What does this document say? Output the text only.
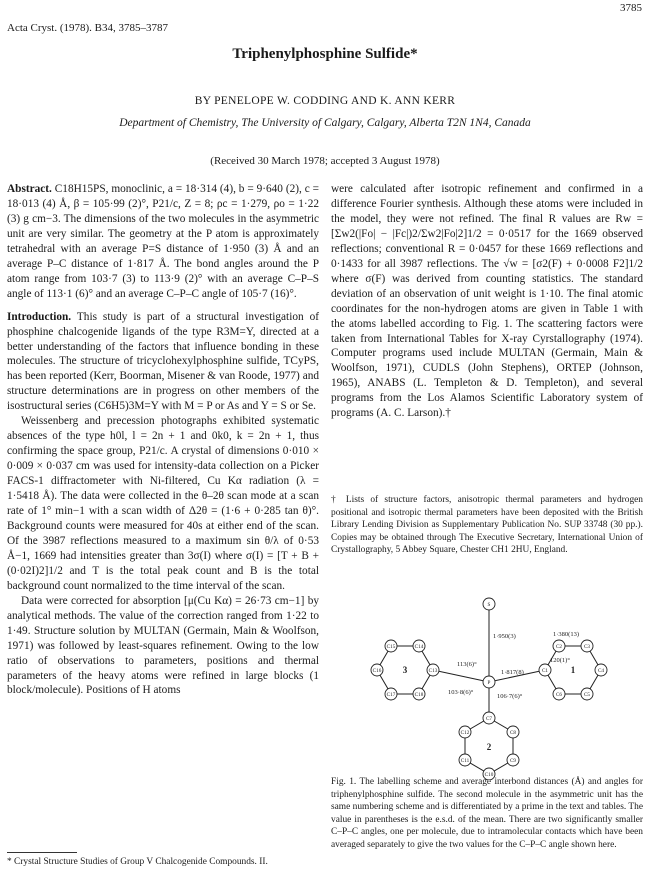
3785
Acta Cryst. (1978). B34, 3785–3787
Triphenylphosphine Sulfide*
BY PENELOPE W. CODDING AND K. ANN KERR
Department of Chemistry, The University of Calgary, Calgary, Alberta T2N 1N4, Canada
(Received 30 March 1978; accepted 3 August 1978)

Abstract. C18H15PS, monoclinic, a = 18·314 (4), b = 9·640 (2), c = 18·013 (4) Å, β = 105·99 (2)°, P21/c, Z = 8; ρc = 1·279, ρo = 1·22 (3) g cm−3. The dimensions of the two molecules in the asymmetric unit are very similar. The geometry at the P atom is approximately tetrahedral with an average P=S distance of 1·950 (3) Å and an average P–C distance of 1·817 Å. The bond angles around the P atom range from 103·7 (3) to 113·9 (2)° with an average C–P–S angle of 113·1 (6)° and an average C–P–C angle of 105·7 (16)°.

Introduction. This study is part of a structural investigation of phosphine chalcogenide ligands of the type R3M=Y, directed at a better understanding of the factors that influence bonding in these molecules. The structure of tricyclohexylphosphine sulfide, TCyPS, has been reported (Kerr, Boorman, Misener & van Roode, 1977) and structure determinations are in progress on other members of the isostructural series (C6H5)3M=Y with M = P or As and Y = S or Se.

Weissenberg and precession photographs exhibited systematic absences of the type h0l, l = 2n + 1 and 0k0, k = 2n + 1, thus confirming the space group, P21/c. A crystal of dimensions 0·010 × 0·009 × 0·037 cm was used for intensity-data collection on a Picker FACS-1 diffractometer with Ni-filtered, Cu Kα radiation (λ = 1·5418 Å). The data were collected in the θ–2θ scan mode at a scan rate of 1° min−1 with a scan width of Δ2θ = (1·6 + 0·285 tan θ)°. Background counts were measured for 40s at either end of the scan. Of the 3987 reflections measured to a maximum sin θ/λ of 0·53 Å−1, 1669 had intensities greater than 3σ(I) where σ(I) = [T + B + (0·02I)2]1/2 and T is the total peak count and B is the total background count normalized to the time interval of the scan.

Data were corrected for absorption [μ(Cu Kα) = 26·73 cm−1] by analytical methods. The value of the correction ranged from 1·22 to 1·49. Structure solution by MULTAN (Germain, Main & Woolfson, 1971) was followed by least-squares refinement. Owing to the low ratio of observations to parameters, positions and thermal parameters of the heavy atoms were refined in large blocks (1 block/molecule). Positions of H atoms

* Crystal Structure Studies of Group V Chalcogenide Compounds. II.

were calculated after isotropic refinement and confirmed in a difference Fourier synthesis. Although these atoms were included in the model, they were not refined. The final R values are Rw = [Σw2(|Fo| − |Fc|)2/Σw2|Fo|2]1/2 = 0·0517 for the 1669 observed reflections; conventional R = 0·0457 for these 1669 reflections and 0·1433 for all 3987 reflections. The √w = [σ2(F) + 0·0008 F2]1/2 where σ(F) was derived from counting statistics. The standard deviation of an observation of unit weight is 1·10. The final atomic coordinates for the non-hydrogen atoms are given in Table 1 with the atoms labelled according to Fig. 1. The scattering factors were taken from International Tables for X-ray Cyrstallography (1974). Computer programs used include MULTAN (Germain, Main & Woolfson, 1971), CUDLS (John Stephens), ORTEP (Johnson, 1965), ANABS (L. Templeton & D. Templeton), and several programs from the Los Alamos Scientific Laboratory system of programs (A. C. Larson).†

† Lists of structure factors, anisotropic thermal parameters and hydrogen positional and isotropic thermal parameters have been deposited with the British Library Lending Division as Supplementary Publication No. SUP 33748 (30 pp.). Copies may be obtained through The Executive Secretary, International Union of Crystallography, 5 Abbey Square, Chester CH1 2HU, England.
S
P
C1
C2	C3
C4
C5
C6
C7
C8
C9
C10
C11
C12
C13
C14
C15
C16
C17	C18
1
2
3
1·950(3)
1·817(8)
1·380(13)
113(6)°
103·8(6)°
106·7(6)°
120(1)°
Fig. 1. The labelling scheme and average interbond distances (Å) and angles for triphenylphosphine sulfide. The second molecule in the asymmetric unit has the same numbering scheme and is differentiated by a prime in the text and tables. The value in parentheses is the e.s.d. of the mean. There are two significantly smaller C–P–C angles, one per molecule, due to intramolecular contacts which have been averaged separately to give the two values for the C–P–C angle shown here.
